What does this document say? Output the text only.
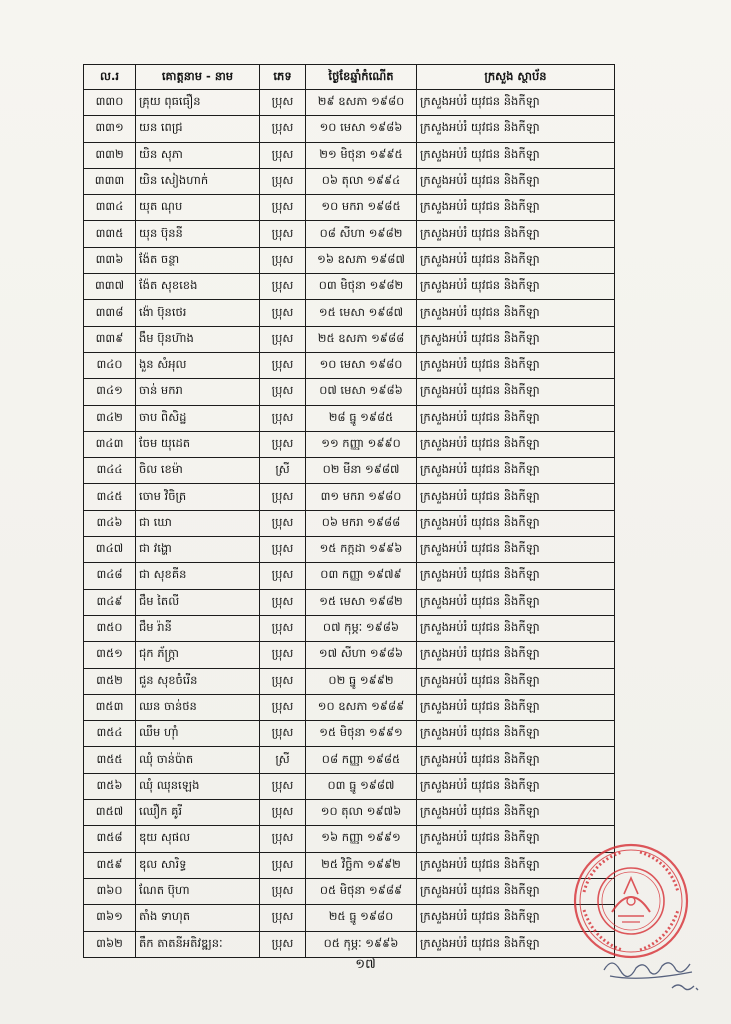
ល.រ	គោត្តនាម - នាម	ភេទ	ថ្ងៃខែឆ្នាំកំណើត	ក្រសួង ស្ថាប័ន
៣៣០	គ្រុយ ពុធធឿន	ប្រុស	២៩ ឧសភា ១៩៨០	ក្រសួងអប់រំ យុវជន និងកីឡា
៣៣១	យន ពេជ្រ	ប្រុស	១០ មេសា ១៩៨៦	ក្រសួងអប់រំ យុវជន និងកីឡា
៣៣២	យិន សុភា	ប្រុស	២១ មិថុនា ១៩៩៥	ក្រសួងអប់រំ យុវជន និងកីឡា
៣៣៣	យិន សៀងហាក់	ប្រុស	០៦ តុលា ១៩៩៤	ក្រសួងអប់រំ យុវជន និងកីឡា
៣៣៤	យុត ណុប	ប្រុស	១០ មករា ១៩៨៥	ក្រសួងអប់រំ យុវជន និងកីឡា
៣៣៥	យុន ប៊ុននី	ប្រុស	០៨ សីហា ១៩៨២	ក្រសួងអប់រំ យុវជន និងកីឡា
៣៣៦	ង៉ែត ចន្ថា	ប្រុស	១៦ ឧសភា ១៩៨៧	ក្រសួងអប់រំ យុវជន និងកីឡា
៣៣៧	ង៉ែត សុខខេង	ប្រុស	០៣ មិថុនា ១៩៨២	ក្រសួងអប់រំ យុវជន និងកីឡា
៣៣៨	ង៉ោ ប៊ុនថេរ	ប្រុស	១៥ មេសា ១៩៨៧	ក្រសួងអប់រំ យុវជន និងកីឡា
៣៣៩	ងឹម ប៊ុនហ៊ាង	ប្រុស	២៥ ឧសភា ១៩៨៨	ក្រសួងអប់រំ យុវជន និងកីឡា
៣៤០	ងួន សំអុល	ប្រុស	១០ មេសា ១៩៨០	ក្រសួងអប់រំ យុវជន និងកីឡា
៣៤១	ចាន់ មករា	ប្រុស	០៧ មេសា ១៩៨៦	ក្រសួងអប់រំ យុវជន និងកីឡា
៣៤២	ចាប ពិសិដ្ឋ	ប្រុស	២៨ ធ្នូ ១៩៨៥	ក្រសួងអប់រំ យុវជន និងកីឡា
៣៤៣	ចែម យុដេត	ប្រុស	១១ កញ្ញា ១៩៩០	ក្រសួងអប់រំ យុវជន និងកីឡា
៣៤៤	ចិល ខេម៉ា	ស្រី	០២ មីនា ១៩៨៧	ក្រសួងអប់រំ យុវជន និងកីឡា
៣៤៥	ចោម វិចិត្រ	ប្រុស	៣១ មករា ១៩៨០	ក្រសួងអប់រំ យុវជន និងកីឡា
៣៤៦	ជា ឃោ	ប្រុស	០៦ មករា ១៩៨៨	ក្រសួងអប់រំ យុវជន និងកីឡា
៣៤៧	ជា វង្ហោ	ប្រុស	១៥ កក្កដា ១៩៩៦	ក្រសួងអប់រំ យុវជន និងកីឡា
៣៤៨	ជា សុខគីន	ប្រុស	០៣ កញ្ញា ១៩៧៩	ក្រសួងអប់រំ យុវជន និងកីឡា
៣៤៩	ជឹម តៃលី	ប្រុស	១៥ មេសា ១៩៨២	ក្រសួងអប់រំ យុវជន និងកីឡា
៣៥០	ជឹម រ៉ានី	ប្រុស	០៧ កុម្ភៈ ១៩៨៦	ក្រសួងអប់រំ យុវជន និងកីឡា
៣៥១	ជុក ភ័ក្ត្រា	ប្រុស	១៧ សីហា ១៩៨៦	ក្រសួងអប់រំ យុវជន និងកីឡា
៣៥២	ជួន សុខចំរើន	ប្រុស	០២ ធ្នូ ១៩៩២	ក្រសួងអប់រំ យុវជន និងកីឡា
៣៥៣	ឈន ចាន់ថន	ប្រុស	១០ ឧសភា ១៩៨៩	ក្រសួងអប់រំ យុវជន និងកីឡា
៣៥៤	ឈឹម ហ៊ាំ	ប្រុស	១៥ មិថុនា ១៩៩១	ក្រសួងអប់រំ យុវជន និងកីឡា
៣៥៥	ឈុំ ចាន់ប៉ាត	ស្រី	០៨ កញ្ញា ១៩៨៥	ក្រសួងអប់រំ យុវជន និងកីឡា
៣៥៦	ឈុំ ឈុនឡេង	ប្រុស	០៣ ធ្នូ ១៩៨៧	ក្រសួងអប់រំ យុវជន និងកីឡា
៣៥៧	ឈឿក គូរី	ប្រុស	១០ តុលា ១៩៧៦	ក្រសួងអប់រំ យុវជន និងកីឡា
៣៥៨	ឌុយ សុផល	ប្រុស	១៦ កញ្ញា ១៩៩១	ក្រសួងអប់រំ យុវជន និងកីឡា
៣៥៩	ឌុល សារិទ្ធ	ប្រុស	២៥ វិច្ឆិកា ១៩៩២	ក្រសួងអប់រំ យុវជន និងកីឡា
៣៦០	ណែត ប៊ុហា	ប្រុស	០៥ មិថុនា ១៩៨៩	ក្រសួងអប់រំ យុវជន និងកីឡា
៣៦១	តាំង ទាហុត	ប្រុស	២៥ ធ្នូ ១៩៨០	ក្រសួងអប់រំ យុវជន និងកីឡា
៣៦២	តឹក តាតនីអតិវឌ្ឍនៈ	ប្រុស	០៥ កុម្ភៈ ១៩៩៦	ក្រសួងអប់រំ យុវជន និងកីឡា
១៧
